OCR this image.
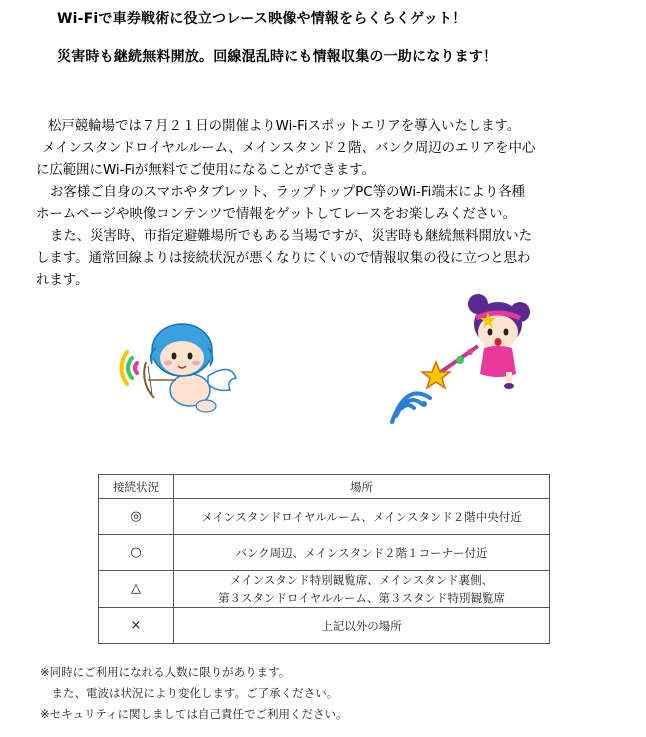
Wi-Fiで車券戦術に役立つレース映像や情報をらくらくゲット！
災害時も継続無料開放。回線混乱時にも情報収集の一助になります！

松戸競輪場では７月２１日の開催よりWi-Fiスポットエリアを導入いたします。

メインスタンドロイヤルルーム、メインスタンド２階、バンク周辺のエリアを中心

に広範囲にWi-Fiが無料でご使用になることができます。

お客様ご自身のスマホやタブレット、ラップトップPC等のWi-Fi端末により各種

ホームページや映像コンテンツで情報をゲットしてレースをお楽しみください。

また、災害時、市指定避難場所でもある当場ですが、災害時も継続無料開放いた

します。通常回線よりは接続状況が悪くなりにくいので情報収集の役に立つと思わ

れます。

接続状況	場所
◎	メインスタンドロイヤルルーム、メインスタンド２階中央付近
○	バンク周辺、メインスタンド２階１コーナー付近
△	メインスタンド特別観覧席、メインスタンド裏側、
第３スタンドロイヤルルーム、第３スタンド特別観覧席

×	上記以外の場所

※同時にご利用になれる人数に限りがあります。

　また、電波は状況により変化します。ご了承ください。

※セキュリティに関しましては自己責任でご利用ください。
